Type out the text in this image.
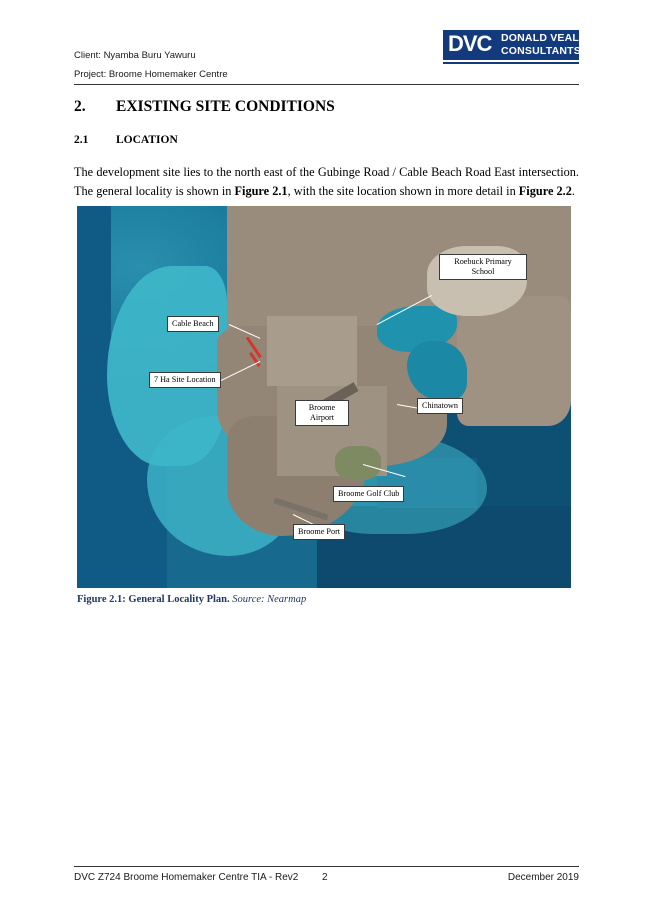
DVC DONALD VEAL
CONSULTANTS
Client: Nyamba Buru Yawuru
Project: Broome Homemaker Centre
2. EXISTING SITE CONDITIONS
2.1 LOCATION
The development site lies to the north east of the Gubinge Road / Cable Beach Road East intersection. The general locality is shown in Figure 2.1, with the site location shown in more detail in Figure 2.2.
Roebuck Primary School
Cable Beach
7 Ha Site Location
Broome Airport
Chinatown
Broome Golf Club
Broome Port
Figure 2.1: General Locality Plan. Source: Nearmap
DVC Z724 Broome Homemaker Centre TIA - Rev2 2	December 2019
